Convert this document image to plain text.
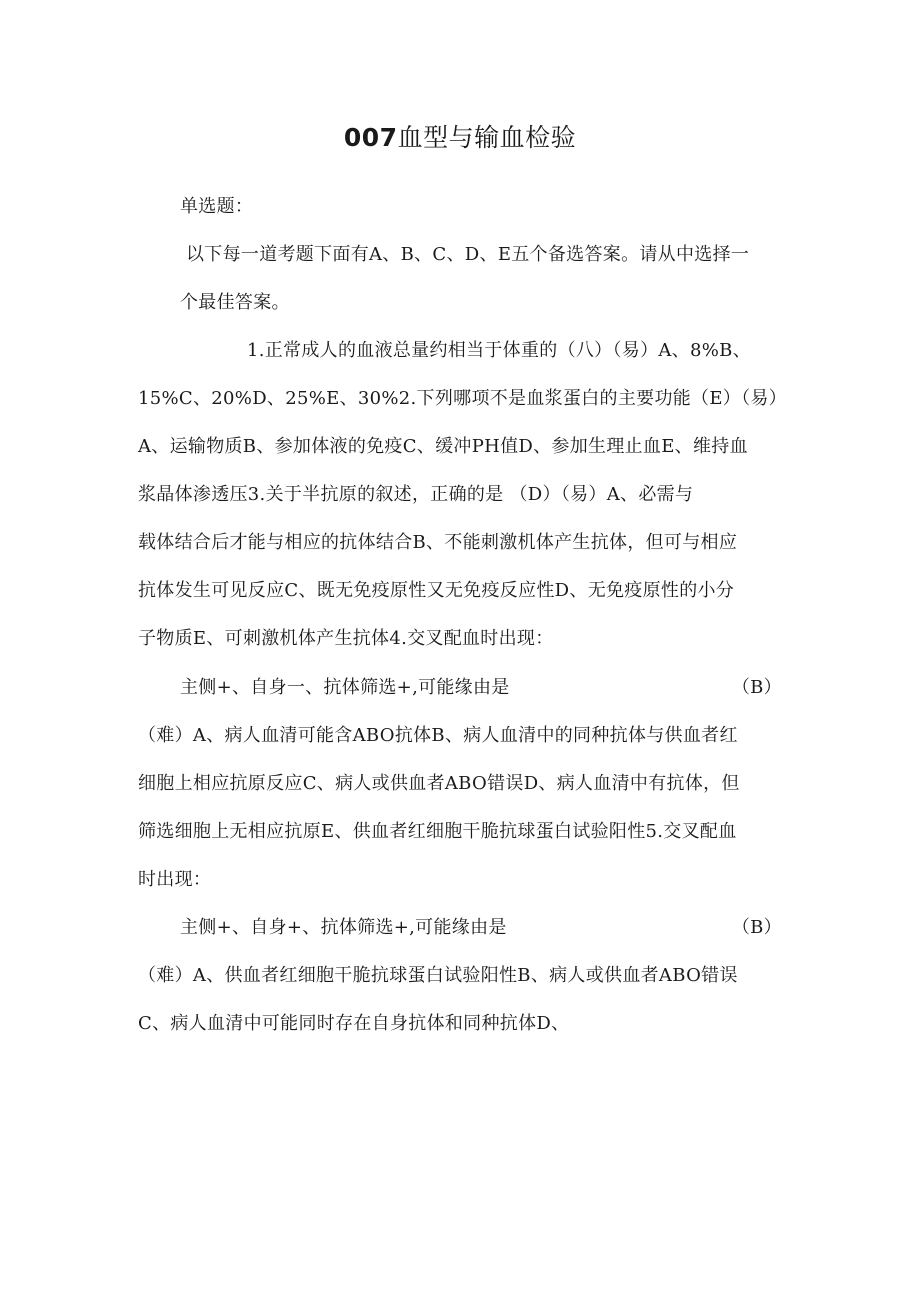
007血型与输血检验
单选题：
以下每一道考题下面有A、B、C、D、E五个备选答案。请从中选择一
个最佳答案。
1.正常成人的血液总量约相当于体重的（八）（易）A、8%B、
15%C、20%D、25%E、30%2.下列哪项不是血浆蛋白的主要功能（E）（易）
A、运输物质B、参加体液的免疫C、缓冲PH值D、参加生理止血E、维持血
浆晶体渗透压3.关于半抗原的叙述，正确的是 （D）（易）A、必需与
载体结合后才能与相应的抗体结合B、不能刺激机体产生抗体，但可与相应
抗体发生可见反应C、既无免疫原性又无免疫反应性D、无免疫原性的小分
子物质E、可刺激机体产生抗体4.交叉配血时出现：
主侧+、自身一、抗体筛选+,可能缘由是	（B）
（难）A、病人血清可能含ABO抗体B、病人血清中的同种抗体与供血者红
细胞上相应抗原反应C、病人或供血者ABO错误D、病人血清中有抗体，但
筛选细胞上无相应抗原E、供血者红细胞干脆抗球蛋白试验阳性5.交叉配血
时出现：
主侧+、自身+、抗体筛选+,可能缘由是	（B）
（难）A、供血者红细胞干脆抗球蛋白试验阳性B、病人或供血者ABO错误
C、病人血清中可能同时存在自身抗体和同种抗体D、
